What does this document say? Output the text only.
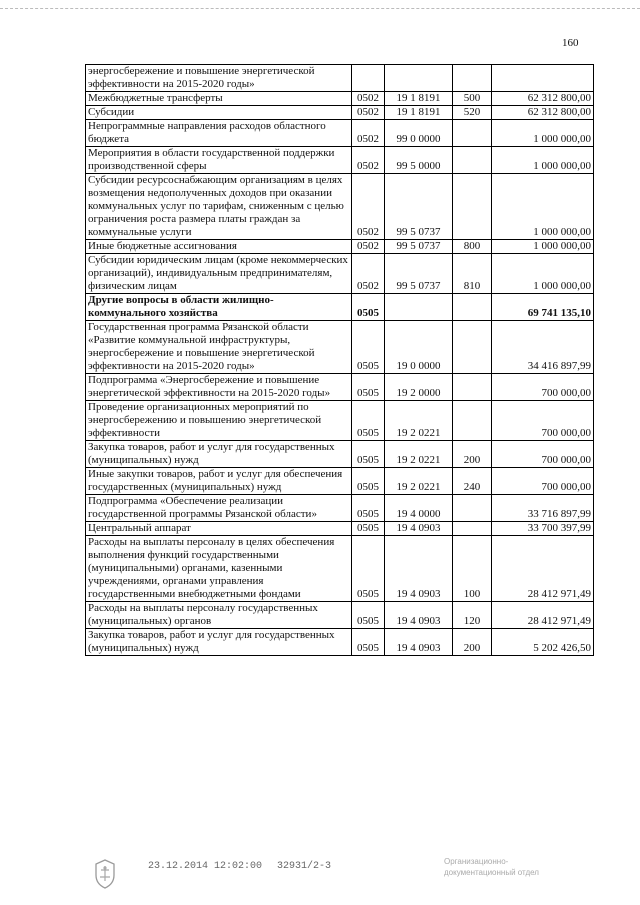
160
энергосбережение и повышение энергетической эффективности на 2015-2020 годы»				
Межбюджетные трансферты	0502	19 1 8191	500	62 312 800,00
Субсидии	0502	19 1 8191	520	62 312 800,00
Непрограммные направления расходов областного бюджета	0502	99 0 0000		1 000 000,00
Мероприятия в области государственной поддержки производственной сферы	0502	99 5 0000		1 000 000,00
Субсидии ресурсоснабжающим организациям в целях возмещения недополученных доходов при оказании коммунальных услуг по тарифам, сниженным с целью ограничения роста размера платы граждан за коммунальные услуги	0502	99 5 0737		1 000 000,00
Иные бюджетные ассигнования	0502	99 5 0737	800	1 000 000,00
Субсидии юридическим лицам (кроме некоммерческих организаций), индивидуальным предпринимателям, физическим лицам	0502	99 5 0737	810	1 000 000,00
Другие вопросы в области жилищно-коммунального хозяйства	0505			69 741 135,10
Государственная программа Рязанской области «Развитие коммунальной инфраструктуры, энергосбережение и повышение энергетической эффективности на 2015-2020 годы»	0505	19 0 0000		34 416 897,99
Подпрограмма «Энергосбережение и повышение энергетической эффективности на 2015-2020 годы»	0505	19 2 0000		700 000,00
Проведение организационных мероприятий по энергосбережению и повышению энергетической эффективности	0505	19 2 0221		700 000,00
Закупка товаров, работ и услуг для государственных (муниципальных) нужд	0505	19 2 0221	200	700 000,00
Иные закупки товаров, работ и услуг для обеспечения государственных (муниципальных) нужд	0505	19 2 0221	240	700 000,00
Подпрограмма «Обеспечение реализации государственной программы Рязанской области»	0505	19 4 0000		33 716 897,99
Центральный аппарат	0505	19 4 0903		33 700 397,99
Расходы на выплаты персоналу в целях обеспечения выполнения функций государственными (муниципальными) органами, казенными учреждениями, органами управления государственными внебюджетными фондами	0505	19 4 0903	100	28 412 971,49
Расходы на выплаты персоналу государственных (муниципальных) органов	0505	19 4 0903	120	28 412 971,49
Закупка товаров, работ и услуг для государственных (муниципальных) нужд	0505	19 4 0903	200	5 202 426,50
23.12.2014 12:02:00 32931/2-3	Организационно-
документационный отдел
